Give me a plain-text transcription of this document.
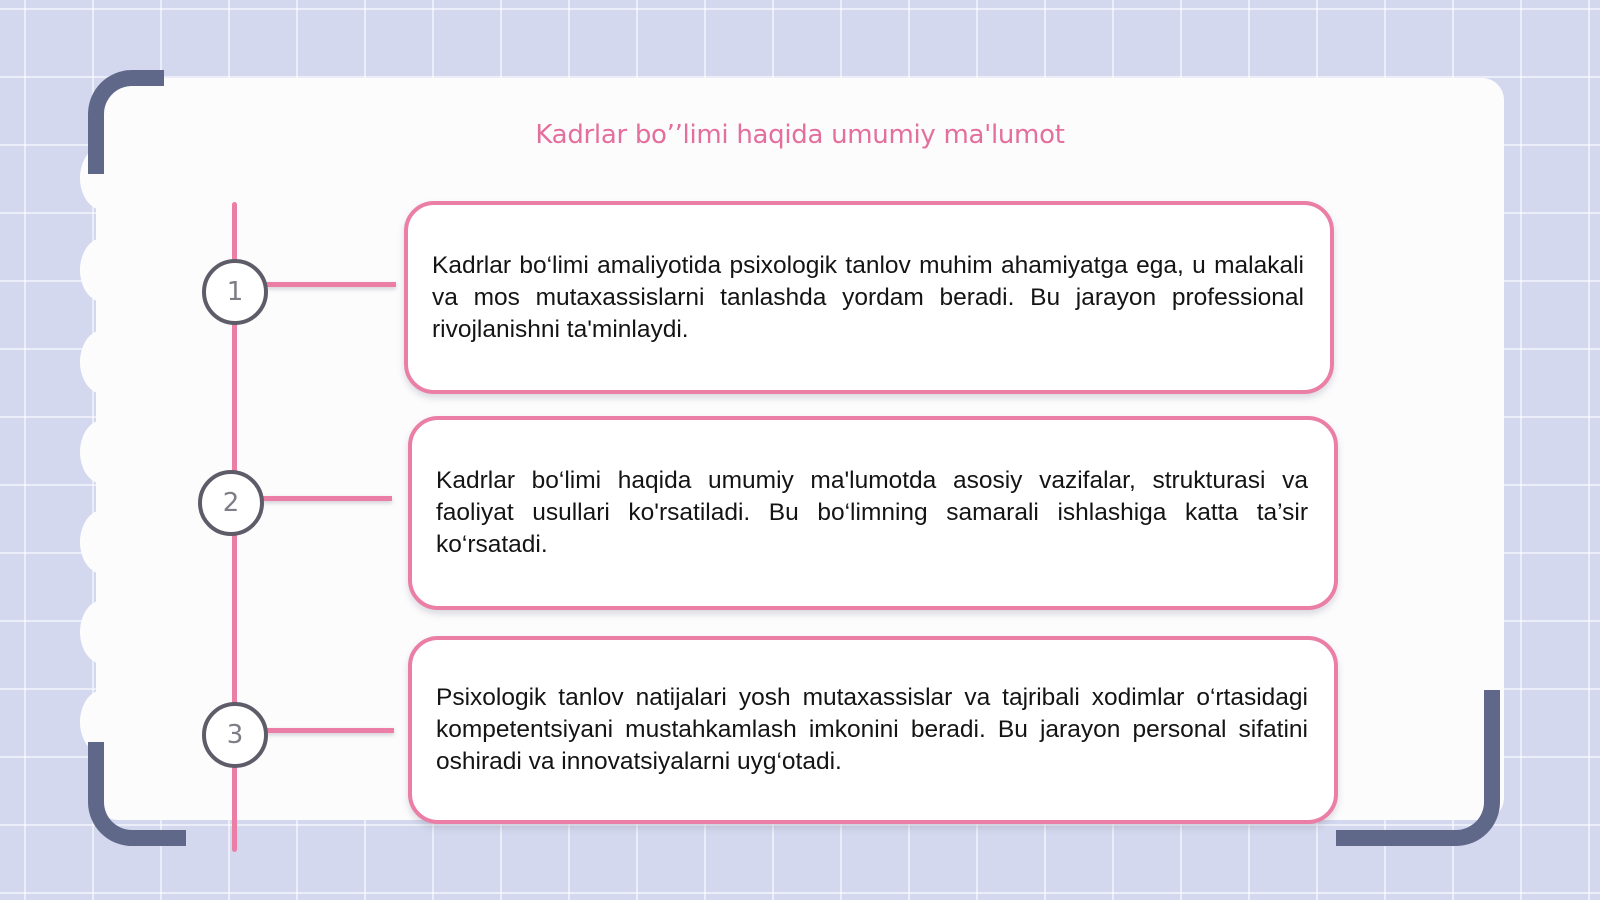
Kadrlar boʼʼlimi haqida umumiy ma'lumot
1
2
3
Kadrlar bo‘limi amaliyotida psixologik tanlov muhim ahamiyatga ega, u malakali va mos mutaxassislarni tanlashda yordam beradi. Bu jarayon professional rivojlanishni ta'minlaydi.
Kadrlar bo‘limi haqida umumiy ma'lumotda asosiy vazifalar, strukturasi va faoliyat usullari ko'rsatiladi. Bu bo‘limning samarali ishlashiga katta ta’sir ko‘rsatadi.
Psixologik tanlov natijalari yosh mutaxassislar va tajribali xodimlar o‘rtasidagi kompetentsiyani mustahkamlash imkonini beradi. Bu jarayon personal sifatini oshiradi va innovatsiyalarni uyg‘otadi.
